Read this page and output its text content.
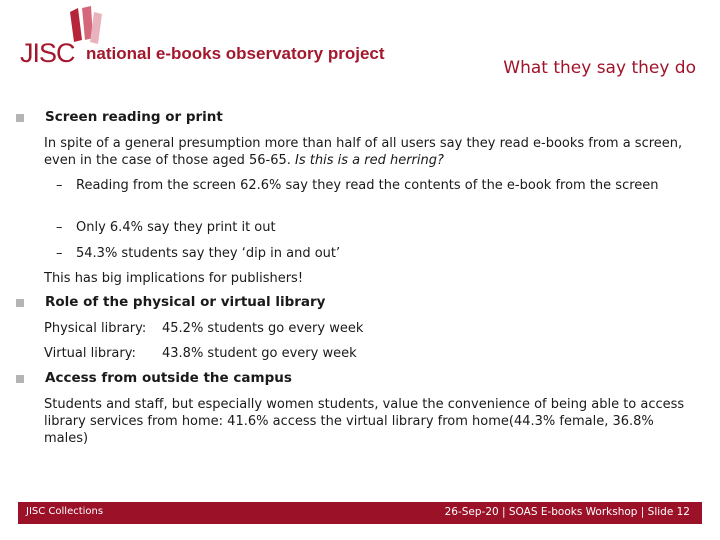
JISC national e-books observatory project
What they say they do
Screen reading or print
In spite of a general presumption more than half of all users say they read e-books from a screen, even in the case of those aged 56-65. Is this is a red herring?
– Reading from the screen 62.6% say they read the contents of the e-book from the screen
– Only 6.4% say they print it out
– 54.3% students say they ‘dip in and out’
This has big implications for publishers!
Role of the physical or virtual library
Physical library: 45.2% students go every week
Virtual library: 43.8% student go every week
Access from outside the campus
Students and staff, but especially women students, value the convenience of being able to access library services from home: 41.6% access the virtual library from home(44.3% female, 36.8% males)
JISC Collections	26-Sep-20 | SOAS E-books Workshop | Slide 12
